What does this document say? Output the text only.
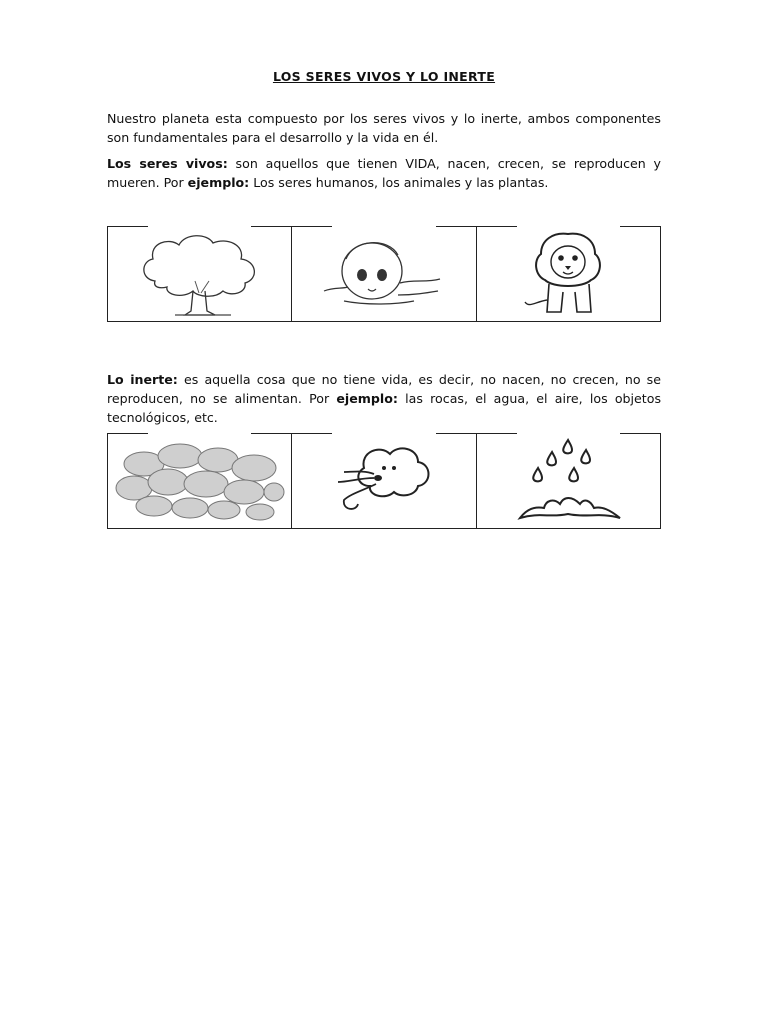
LOS SERES VIVOS Y LO INERTE

Nuestro planeta esta compuesto por los seres vivos y lo inerte, ambos componentes son fundamentales para el desarrollo y la vida en él.

Los seres vivos: son aquellos que tienen VIDA, nacen, crecen, se reproducen y mueren. Por ejemplo: Los seres humanos, los animales y las plantas.

Lo inerte: es aquella cosa que no tiene vida, es decir, no nacen, no crecen, no se reproducen, no se alimentan. Por ejemplo: las rocas, el agua, el aire, los objetos tecnológicos, etc.
